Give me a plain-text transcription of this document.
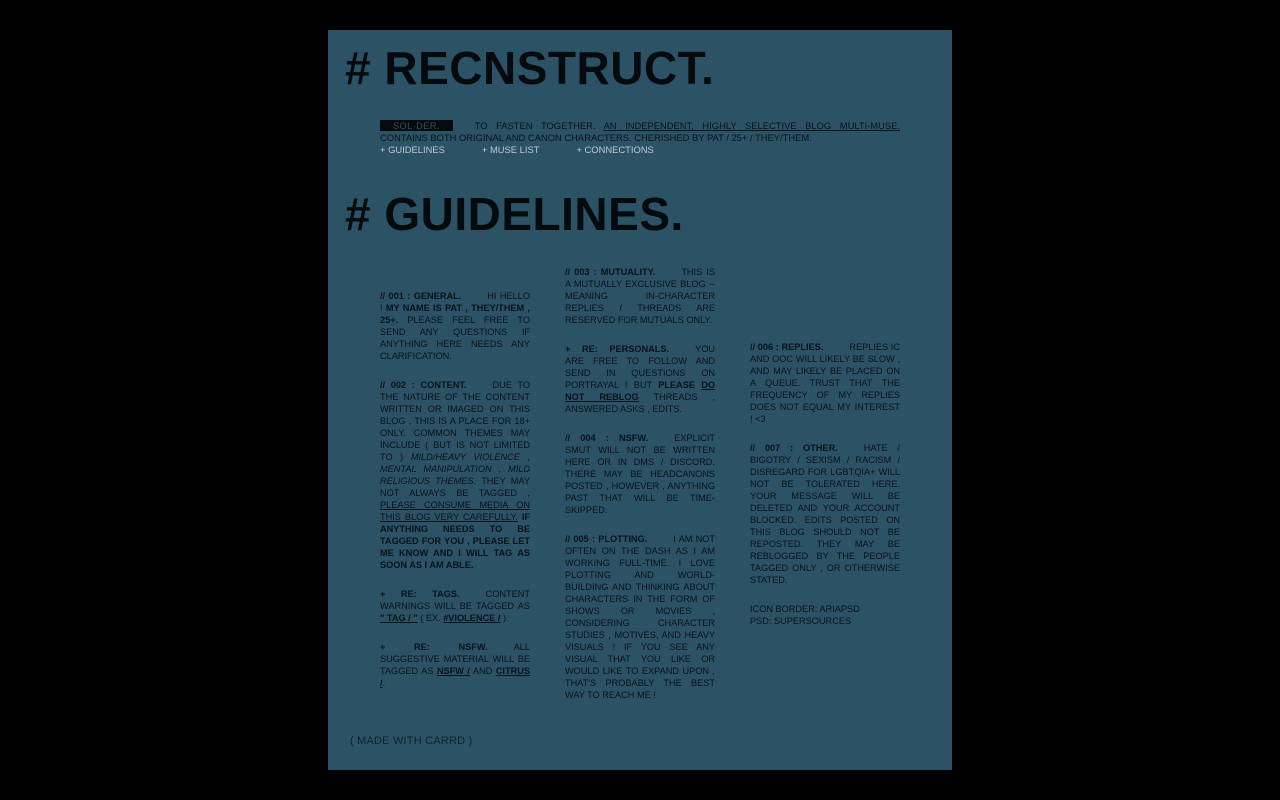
# RECNSTRUCT.
SOL·DER.	TO FASTEN TOGETHER. AN INDEPENDENT, HIGHLY SELECTIVE BLOG MULTI-MUSE. CONTAINS BOTH ORIGINAL AND CANON CHARACTERS. CHERISHED BY PAT / 25+ / THEY/THEM.
+ GUIDELINES	+ MUSE LIST	+ CONNECTIONS
# GUIDELINES.

// 001 : GENERAL.	HI HELLO ! MY NAME IS PAT , THEY/THEM , 25+. PLEASE FEEL FREE TO SEND ANY QUESTIONS IF ANYTHING HERE NEEDS ANY CLARIFICATION.

// 002 : CONTENT.	DUE TO THE NATURE OF THE CONTENT WRITTEN OR IMAGED ON THIS BLOG , THIS IS A PLACE FOR 18+ ONLY. COMMON THEMES MAY INCLUDE ( BUT IS NOT LIMITED TO ) MILD/HEAVY VIOLENCE , MENTAL MANIPULATION , MILD RELIGIOUS THEMES. THEY MAY NOT ALWAYS BE TAGGED , PLEASE CONSUME MEDIA ON THIS BLOG VERY CAREFULLY. IF ANYTHING NEEDS TO BE TAGGED FOR YOU , PLEASE LET ME KNOW AND I WILL TAG AS SOON AS I AM ABLE.

+ RE: TAGS.	CONTENT WARNINGS WILL BE TAGGED AS " TAG / " ( EX. #VIOLENCE / ).

+ RE: NSFW.	ALL SUGGESTIVE MATERIAL WILL BE TAGGED AS NSFW / AND CITRUS /.

// 003 : MUTUALITY.	THIS IS A MUTUALLY EXCLUSIVE BLOG -- MEANING IN-CHARACTER REPLIES / THREADS ARE RESERVED FOR MUTUALS ONLY.

+ RE: PERSONALS.	YOU ARE FREE TO FOLLOW AND SEND IN QUESTIONS ON PORTRAYAL ! BUT PLEASE DO NOT REBLOG THREADS , ANSWERED ASKS , EDITS.

// 004 : NSFW.	EXPLICIT SMUT WILL NOT BE WRITTEN HERE OR IN DMS / DISCORD. THERE MAY BE HEADCANONS POSTED , HOWEVER , ANYTHING PAST THAT WILL BE TIME-SKIPPED.

// 005 : PLOTTING.	I AM NOT OFTEN ON THE DASH AS I AM WORKING FULL-TIME. I LOVE PLOTTING AND WORLD-BUILDING AND THINKING ABOUT CHARACTERS IN THE FORM OF SHOWS OR MOVIES , CONSIDERING CHARACTER STUDIES , MOTIVES, AND HEAVY VISUALS ! IF YOU SEE ANY VISUAL THAT YOU LIKE OR WOULD LIKE TO EXPAND UPON , THAT'S PROBABLY THE BEST WAY TO REACH ME !

// 006 : REPLIES.	REPLIES IC AND OOC WILL LIKELY BE SLOW , AND MAY LIKELY BE PLACED ON A QUEUE. TRUST THAT THE FREQUENCY OF MY REPLIES DOES NOT EQUAL MY INTEREST ! <3

// 007 : OTHER.	HATE / BIGOTRY / SEXISM / RACISM / DISREGARD FOR LGBTQIA+ WILL NOT BE TOLERATED HERE. YOUR MESSAGE WILL BE DELETED AND YOUR ACCOUNT BLOCKED. EDITS POSTED ON THIS BLOG SHOULD NOT BE REPOSTED. THEY MAY BE REBLOGGED BY THE PEOPLE TAGGED ONLY , OR OTHERWISE STATED.

ICON BORDER: ARIAPSD
PSD: SUPERSOURCES

( MADE WITH CARRD )
